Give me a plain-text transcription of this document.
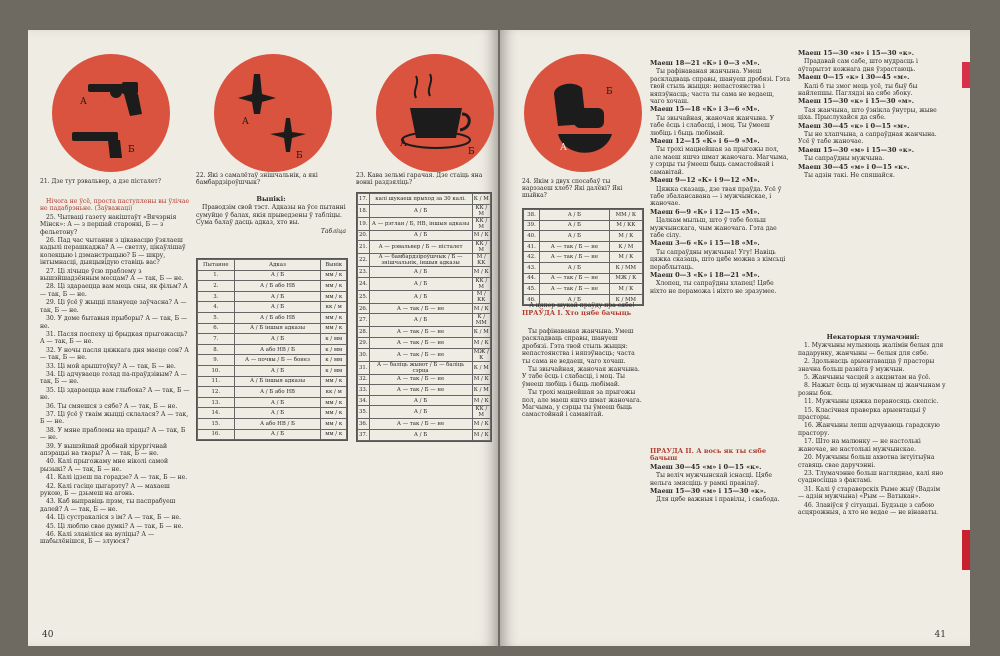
А
Б
А
Б
А
Б
21. Дзе тут рэвальвер, а дзе пісталет?
22. Які з самалётаў знішчальнік, а які бамбардзіроўшчык?
23. Кава зельмі гарачая. Дзе стаіць яна вонкі раздзяліць?

Нічога не ўсё, проста паступлены вы ўлічае не падабрэньне. (Заўважаці)

25. Чытваці газету накіштаўт «Вячэрнія Мінск»: А — з першай старонкі, Б — з фельетону?

26. Пад час чытання з цікавасцю ўзялаеш кадылі перашкаджа? А — светлу, цікаўлішаў колекцыю і дэманстрацыю? Б — шкру, інтымнасці, дыяцывідую ставіць вас?

27. Ці лічыце ўсю праблему з вышэйшадзённым месцам? А — так, Б — не.

28. Ці здараецца вам мець сны, як фільм? А — так, Б — не.

29. Ці ўсё ў жыцці плануеце заўчасна? А — так, Б — не.

30. У доме бытавыя прыборы? А — так, Б — не.

31. Пасля поспеху ці брыдкая прыгожасць? А — так, Б — не.

32. У ночы пасля цяжкага дня маеце сон? А — так, Б — не.

33. Ці мой арыштоўку? А — так, Б — не.

34. Ці адчуваеце голад па-праўдзівым? А — так, Б — не.

35. Ці здараецца вам глыбока? А — так, Б — не.

36. Ты смяешся з сябе? А — так, Б — не.

37. Ці ўсё ў тваім жыцці склалася? А — так, Б — не.

38. У мяне праблемы на працы? А — так, Б — не.

39. У вышэйшай дробнай хірургічнай апэрацыі на твары? А — так, Б — не.

40. Калі прыгожаму мне ніколі самой рызыкі? А — так, Б — не.

41. Калі ідзеш па горадзе? А — так, Б — не.

42. Калі гасіце цыгарэту? А — махаеш рукою, Б — дзьмеш на агонь.

43. Каб выправіць прэм, ты паспрабуеш далей? А — так, Б — не.

44. Ці сустракаліся з ім? А — так, Б — не.

45. Ці люблю свае думкі? А — так, Б — не.

46. Калі злавіліся на вуліцы? А — шабылёнішся, Б — злуюся?

Выпікі:

Праводзім свой тэст. Адказы на ўсе пытанні сумуйце ў балах, якія прыведзены ў табліцы. Сума балаў дасць адказ, хто вы.

Табліца

Пытанне	Адказ	Вынік
1.	А / Б	мм / к
2.	А / Б або НВ	мм / к
3.	А / Б	мм / к
4.	А / Б	кк / м
5.	А / Б або НВ	мм / к
6.	А / Б іншыя адказы	мм / к
7.	А / Б	к / мм
8.	А або НВ / Б	к / мм
9.	А — почвы / Б — бонез	к / мм
10.	А / Б	к / мм
11.	А / Б іншыя адказы	мм / к
12.	А / Б або НВ	кк / м
13.	А / Б	мм / к
14.	А / Б	мм / к
15.	А або НВ / Б	мм / к
16.	А / Б	мм / к
17.	калі шукаеш прыход за 30 калі.	К / М
18.	А / Б	КК / М
19.	А — рэглан / Б, НВ, іншыя адказы	КК / М
20.	А / Б	М / К
21.	А — рэвальвер / Б — пісталет	КК / М
22.	А — бамбардзіроўшчык / Б — знішчальнік, іншыя адказы	М / КК
23.	А / Б	М / К
24.	А / Б	КК / М
25.	А / Б	М / КК
26.	А — так / Б — не	М / К
27.	А / Б	К / ММ
28.	А — так / Б — не	К / М
29.	А — так / Б — не	М / К
30.	А — так / Б — не	МЖ / К
31.	А — баліць жывот / Б — баліць сэрца	К / М
32.	А — так / Б — не	М / К
33.	А — так / Б — не	К / М
34.	А / Б	М / К
35.	А / Б	КК / М
36.	А — так / Б — не	М / К
37.	А / Б	М / К
40
А
Б
24. Якім з двух спосабаў ты нарэзаеш хлеб? Які далёкі? Які шыйка?
38.	А / Б	ММ / К
39.	А / Б	М / КК
40.	А / Б	М / К
41.	А — так / Б — не	К / М
42.	А — так / Б — не	М / К
43.	А / Б	К / ММ
44.	А — так / Б — не	МЖ / К
45.	А — так / Б — не	М / К
46.	А / Б	К / ММ

А цяпер шукай праўду пра сябе!

ПРАЎДА І. Хто цябе бачыць

Маеш 18—21 «К» і 0—3 «М».

Ты рафінаваная жанчына. Умеш раскладваць справы, шануеш дробязі. Гэта твой стыль жыцця: непастоянства і няпэўнасць; часта ты сама не ведаеш, чаго хочаш.

Маеш 15—18 «К» і 3—6 «М».

Ты звычайная, жаночая жанчына. У табе ёсць і слабасці, і моц. Ты ўмееш любіць і быць любімай.

Маеш 12—15 «К» і 6—9 «М».

Ты трохі мацнейшая за прыгожы пол, але маеш яшчэ шмат жаночага. Магчыма, у сэрцы ты ўмееш быць самастойнай і самавітай.

Маеш 9—12 «К» і 9—12 «М».

Цяжка сказаць, дзе твая праўда. Усё ў табе збалансавана — і мужчынскае, і жаночае.

Маеш 6—9 «К» і 12—15 «М».

Цалкам мыльш, што ў табе больш мужчынскага, чым жаночага. Гэта дае табе сілу.

Маеш 3—6 «К» і 15—18 «М».

Ты сапраўдны мужчына! Угу! Навіць цяжка сказаць, што цябе можна з кімсьці пераблытаць.

Маеш 0—3 «К» і 18—21 «М».

Хлопец, ты сапраўдны хлапец! Цябе ніхто не пераможа і ніхто не зразумее.

Ты рафінаваная жанчына. Умеш раскладваць справы, шануеш дробязі. Гэта твой стыль жыцця: непастоянства і няпэўнасць; часта ты сама не ведаеш, чаго хочаш.

Ты звычайная, жаночая жанчына. У табе ёсць і слабасці, і моц. Ты ўмееш любіць і быць любімай.

Ты трохі мацнейшая за прыгожы пол, але маеш яшчэ шмат жаночага. Магчыма, у сэрцы ты ўмееш быць самастойнай і самавітай.

ПРАЎДА II. А вось як ты сябе бачыш

Маеш 30—45 «м» і 0—15 «к».

Ты веліч мужчынскай існасці. Цябе нельга змясціць у рамкі правілаў.

Маеш 15—30 «м» і 15—30 «к».

Для цябе важныя і правілы, і свабода.

Маеш 15—30 «м» і 15—30 «к».

Прадавай сам сабе, што мудрасць і аўтарытэт кожнага дня ўзрастаюць.

Маеш 0—15 «к» і 30—45 «м».

Калі б ты змог мець усё, ты быў бы найлепшы. Паглядзі на сябе збоку.

Маеш 15—30 «к» і 15—30 «м».

Тая жанчына, што ўзнікла ўнутры, жыве ціха. Прыслухайся да сябе.

Маеш 30—45 «к» і 0—15 «м».

Ты не хлапчына, а сапраўдная жанчына. Усё ў табе жаночае.

Маеш 15—30 «м» і 15—30 «к».

Ты сапраўдны мужчына.

Маеш 30—45 «м» і 0—15 «к».

Ты адзін такі. Не спяшайся.

Некаторыя тлумачэнні:

1. Мужчыны мулыяюць жалімін белыя для падарунку, жанчыны — белыя для сябе.

2. Здольнасць арыентавацца ў прасторы значна больш развіта ў мужчын.

5. Жанчыны часцей з акцэнтам на ўсё.

8. Нажыт ёсць ці мужчынам ці жанчынам у розны бок.

11. Мужчыны цяжка пераносяць скепсіс.

15. Класічная праверка арыентацыі ў прасторы.

16. Жанчыны лепш адчуваюць гарадскую прастору.

17. Што на малюнку — не настолькі жаночае, не настолькі мужчынскае.

20. Мужчыны больш ахвотна інтуітыўна ставяць свае даручэнні.

23. Тлумачэнне больш нагляднае, калі яно суадносіцца з фактамі.

31. Калі ў стараверскіх Рыме жыў (Вадзім — адзін мужчына) «Рым — Ватыкан».

46. Злавіўся ў сітуацыі. Будзьце з сабою асцярожныя, а хто не ведае — не вінаваты.

41
